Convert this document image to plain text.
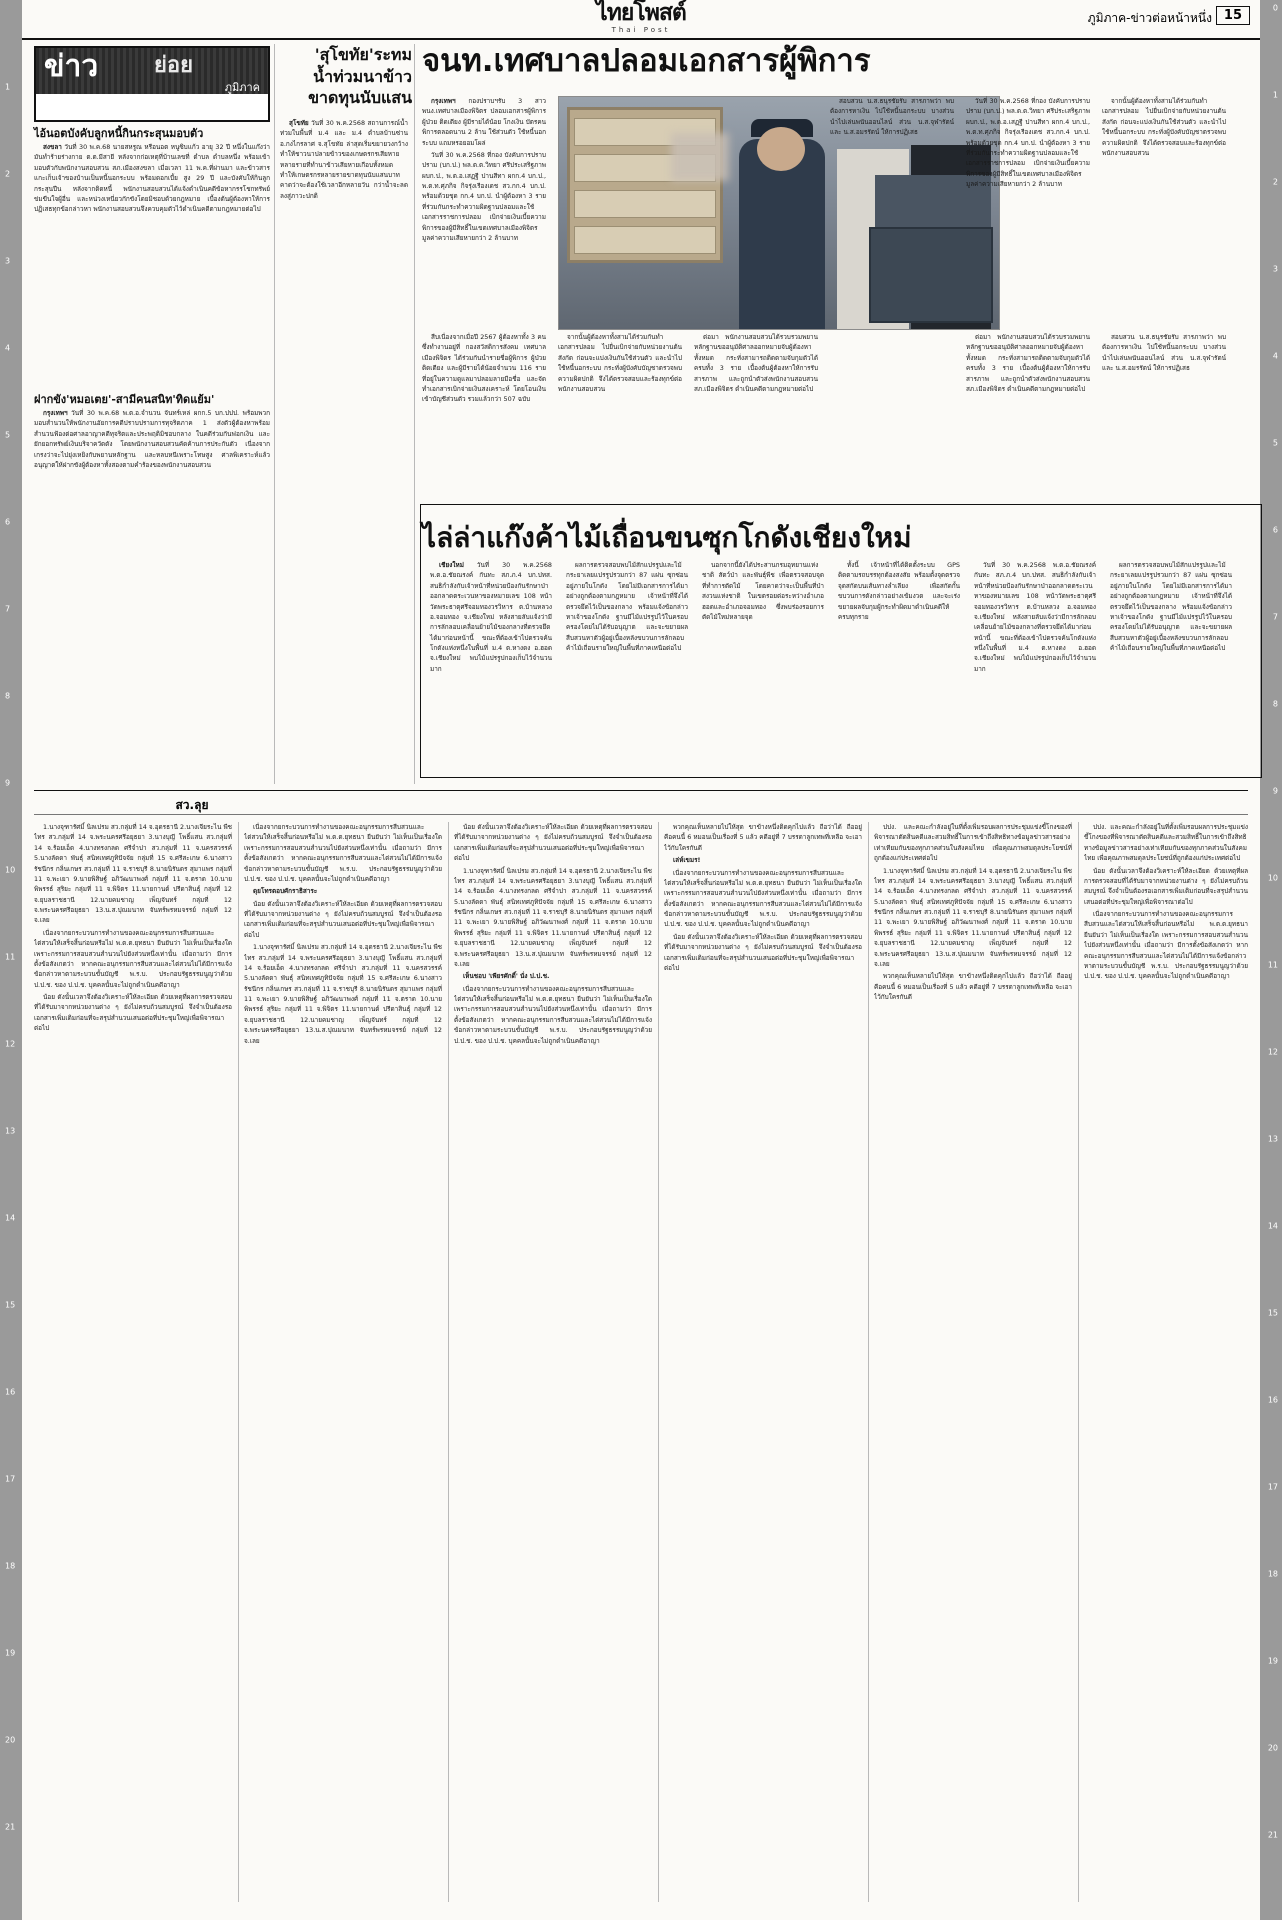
1
2
3
4
5
6
7
8
9
10
11
12
13
14
15
16
17
18
19
20
21
0
1
2
3
4
5
6
7
8
9
10
11
12
13
14
15
16
17
18
19
20
21
ไทยโพสต์
Thai Post
ภูมิภาค-ข่าวต่อหน้าหนึ่ง 15
ข่าว	ย่อย
ภูมิภาค
ไอ้นอตบังคับลูกหนี้กินกระสุนมอบตัว

สงขลา วันที่ 30 พ.ค.68 นายสหรูณ หรือนอต หนูซิบแก้ว อายุ 32 ปี หนึ่งในแก๊งว่ามันทำร้ายร่างกาย ต.ต.มีสายี หลังจากก่อเหตุที่บ้านเลขที่ ตำบล ตำบลหนึ่ง พร้อมเข้ามอบตัวกับพนักงานสอบสวน สภ.เมืองสงขลา เมื่อเวลา 11 พ.ค.ที่ผ่านมา และข้าวสารแกะเก็บเจ้าของบ้านเป็นหนี้นอกระบบ พร้อมดอกเบี้ย สูง 29 ปี และบังคับให้กินลูกกระสุนปืน หลังจากติดหนี้ พนักงานสอบสวนได้แจ้งดำเนินคดีข้อหากรรโชกทรัพย์ ข่มขืนใจผู้อื่น และหน่วงเหนี่ยวกักขังโดยมิชอบด้วยกฎหมาย เบื้องต้นผู้ต้องหาให้การปฏิเสธทุกข้อกล่าวหา พนักงานสอบสวนจึงควบคุมตัวไว้ดำเนินคดีตามกฎหมายต่อไป

ฝากขัง'หมอเตย'-สามีคนสนิท'ทิดแย้ม'

กรุงเทพฯ วันที่ 30 พ.ค.68 พ.ต.อ.จำนวน จันทร์เหล่ ผกก.5 บก.ปปป. พร้อมพวกมอบสำนวนให้พนักงานอัยการคดีปราบปรามการทุจริตภาค 1 ส่งตัวผู้ต้องหาพร้อมสำนวนฟ้องต่อศาลอาญาคดีทุจริตและประพฤติมิชอบกลาง ในคดีร่วมกันฟอกเงิน และยักยอกทรัพย์เงินบริจาควัดดัง โดยพนักงานสอบสวนคัดค้านการประกันตัว เนื่องจากเกรงว่าจะไปยุ่งเหยิงกับพยานหลักฐาน และหลบหนีเพราะโทษสูง ศาลพิเคราะห์แล้วอนุญาตให้ฝากขังผู้ต้องหาทั้งสองตามคำร้องของพนักงานสอบสวน

'สุโขทัย'ระทม น้ำท่วมนาข้าว ขาดทุนนับแสน

สุโขทัย วันที่ 30 พ.ค.2568 สถานการณ์น้ำท่วมในพื้นที่ ม.4 และ ม.4 ตำบลบ้านซ่าน อ.กงไกรลาศ จ.สุโขทัย ล่าสุดเริ่มขยายวงกว้าง ทำให้ชาวนาปลายข้าวของเกษตรกรเสียหาย หลายรายที่ทำนาข้าวเสียหายเกือบทั้งหมด ทำให้เกษตรกรหลายรายขาดทุนนับแสนบาท คาดว่าจะต้องใช้เวลาอีกหลายวัน กว่าน้ำจะลดลงสู่ภาวะปกติ

จนท.เทศบาลปลอมเอกสารผู้พิการ

กรุงเทพฯ กองปราบฯรับ 3 สาว พนง.เทศบาลเมืองพิจิตร ปลอมเอกสารผู้พิการ ผู้ป่วย ติดเตียง ผู้มีรายได้น้อย โกงเงิน บัตรคนพิการตลอดนาน 2 ล้าน ใช้ส่วนตัว ใช้หนี้นอกระบบ แถมหรอยอมโผล่

วันที่ 30 พ.ค.2568 ที่กอง บังคับการปราบปราม (บก.ป.) พล.ต.ต.วิทยา ศรีประเสริฐภาพ ผบก.ป., พ.ต.อ.เสฏฐี ปานสีทา ผกก.4 บก.ป., พ.ต.ท.ศุภกิจ กิจรุ่งเรืองเดช สว.กก.4 บก.ป. พร้อมด้วยชุด กก.4 บก.ป. นำผู้ต้องหา 3 ราย ที่ร่วมกันกระทำความผิดฐานปลอมและใช้เอกสารราชการปลอม เบิกจ่ายเงินเบี้ยความพิการของผู้มีสิทธิ์ในเขตเทศบาลเมืองพิจิตร มูลค่าความเสียหายกว่า 2 ล้านบาท

สืบเนื่องจากเมื่อปี 2567 ผู้ต้องหาทั้ง 3 คนซึ่งทำงานอยู่ที่ กองสวัสดิการสังคม เทศบาลเมืองพิจิตร ได้ร่วมกันนำรายชื่อผู้พิการ ผู้ป่วยติดเตียง และผู้มีรายได้น้อยจำนวน 116 ราย ที่อยู่ในความดูแลมาปลอมลายมือชื่อ และจัดทำเอกสารเบิกจ่ายเงินสงเคราะห์ โดยโอนเงินเข้าบัญชีส่วนตัว รวมแล้วกว่า 507 ฉบับ

จากนั้นผู้ต้องหาทั้งสามได้ร่วมกันทำเอกสารปลอม ไปยื่นเบิกจ่ายกับหน่วยงานต้นสังกัด ก่อนจะแบ่งเงินกันใช้ส่วนตัว และนำไปใช้หนี้นอกระบบ กระทั่งผู้บังคับบัญชาตรวจพบความผิดปกติ จึงได้ตรวจสอบและร้องทุกข์ต่อพนักงานสอบสวน

ต่อมา พนักงานสอบสวนได้รวบรวมพยานหลักฐานขออนุมัติศาลออกหมายจับผู้ต้องหาทั้งหมด กระทั่งสามารถติดตามจับกุมตัวได้ครบทั้ง 3 ราย เบื้องต้นผู้ต้องหาให้การรับสารภาพ และถูกนำตัวส่งพนักงานสอบสวน สภ.เมืองพิจิตร ดำเนินคดีตามกฎหมายต่อไป

สอบสวน น.ส.ธนุรชัยรับ สารภาพว่า พบต้องการหาเงิน ไปใช้หนี้นอกระบบ บางส่วนนำไปเล่นพนันออนไลน์ ส่วน น.ส.จุฬารัตน์และ น.ส.อมรรัตน์ ให้การปฏิเสธ

วันที่ 30 พ.ค.2568 ที่กอง บังคับการปราบปราม (บก.ป.) พล.ต.ต.วิทยา ศรีประเสริฐภาพ ผบก.ป., พ.ต.อ.เสฏฐี ปานสีทา ผกก.4 บก.ป., พ.ต.ท.ศุภกิจ กิจรุ่งเรืองเดช สว.กก.4 บก.ป. พร้อมด้วยชุด กก.4 บก.ป. นำผู้ต้องหา 3 ราย ที่ร่วมกันกระทำความผิดฐานปลอมและใช้เอกสารราชการปลอม เบิกจ่ายเงินเบี้ยความพิการของผู้มีสิทธิ์ในเขตเทศบาลเมืองพิจิตร มูลค่าความเสียหายกว่า 2 ล้านบาท

จากนั้นผู้ต้องหาทั้งสามได้ร่วมกันทำเอกสารปลอม ไปยื่นเบิกจ่ายกับหน่วยงานต้นสังกัด ก่อนจะแบ่งเงินกันใช้ส่วนตัว และนำไปใช้หนี้นอกระบบ กระทั่งผู้บังคับบัญชาตรวจพบความผิดปกติ จึงได้ตรวจสอบและร้องทุกข์ต่อพนักงานสอบสวน

ต่อมา พนักงานสอบสวนได้รวบรวมพยานหลักฐานขออนุมัติศาลออกหมายจับผู้ต้องหาทั้งหมด กระทั่งสามารถติดตามจับกุมตัวได้ครบทั้ง 3 ราย เบื้องต้นผู้ต้องหาให้การรับสารภาพ และถูกนำตัวส่งพนักงานสอบสวน สภ.เมืองพิจิตร ดำเนินคดีตามกฎหมายต่อไป

สอบสวน น.ส.ธนุรชัยรับ สารภาพว่า พบต้องการหาเงิน ไปใช้หนี้นอกระบบ บางส่วนนำไปเล่นพนันออนไลน์ ส่วน น.ส.จุฬารัตน์และ น.ส.อมรรัตน์ ให้การปฏิเสธ

ไล่ล่าแก๊งค้าไม้เถื่อนขนซุกโกดังเชียงใหม่

เชียงใหม่ วันที่ 30 พ.ค.2568 พ.ต.อ.ชัยณรงค์ กันทะ สภ.ภ.4 บก.ปทส. สนธิกำลังกับเจ้าหน้าที่หน่วยป้องกันรักษาป่าออกลาดตระเวนหาของหมายเลข 108 หน้าวัดพระธาตุศรีจอมทองวรวิหาร ต.บ้านหลวง อ.จอมทอง จ.เชียงใหม่ หลังสายลับแจ้งว่ามีการลักลอบเคลื่อนย้ายไม้ของกลางที่ตรวจยึดได้มาก่อนหน้านี้ ขณะที่ต้องเข้าไปตรวจค้นโกดังแห่งหนึ่งในพื้นที่ ม.4 ต.หางดง อ.ฮอด จ.เชียงใหม่ พบไม้แปรรูปกองเก็บไว้จำนวนมาก

ผลการตรวจสอบพบไม้สักแปรรูปและไม้กระยาเลยแปรรูปรวมกว่า 87 แผ่น ซุกซ่อนอยู่ภายในโกดัง โดยไม่มีเอกสารการได้มาอย่างถูกต้องตามกฎหมาย เจ้าหน้าที่จึงได้ตรวจยึดไว้เป็นของกลาง พร้อมแจ้งข้อกล่าวหาเจ้าของโกดัง ฐานมีไม้แปรรูปไว้ในครอบครองโดยไม่ได้รับอนุญาต และจะขยายผลสืบสวนหาตัวผู้อยู่เบื้องหลังขบวนการลักลอบค้าไม้เถื่อนรายใหญ่ในพื้นที่ภาคเหนือต่อไป

นอกจากนี้ยังได้ประสานกรมอุทยานแห่งชาติ สัตว์ป่า และพันธุ์พืช เพื่อตรวจสอบจุดที่ทำการตัดไม้ โดยคาดว่าจะเป็นพื้นที่ป่าสงวนแห่งชาติ ในเขตรอยต่อระหว่างอำเภอฮอดและอำเภอจอมทอง ซึ่งพบร่องรอยการตัดไม้ใหม่หลายจุด

ทั้งนี้ เจ้าหน้าที่ได้ติดตั้งระบบ GPS ติดตามรถบรรทุกต้องสงสัย พร้อมตั้งจุดตรวจจุดสกัดบนเส้นทางลำเลียง เพื่อสกัดกั้นขบวนการดังกล่าวอย่างเข้มงวด และจะเร่งขยายผลจับกุมผู้กระทำผิดมาดำเนินคดีให้ครบทุกราย

วันที่ 30 พ.ค.2568 พ.ต.อ.ชัยณรงค์ กันทะ สภ.ภ.4 บก.ปทส. สนธิกำลังกับเจ้าหน้าที่หน่วยป้องกันรักษาป่าออกลาดตระเวนหาของหมายเลข 108 หน้าวัดพระธาตุศรีจอมทองวรวิหาร ต.บ้านหลวง อ.จอมทอง จ.เชียงใหม่ หลังสายลับแจ้งว่ามีการลักลอบเคลื่อนย้ายไม้ของกลางที่ตรวจยึดได้มาก่อนหน้านี้ ขณะที่ต้องเข้าไปตรวจค้นโกดังแห่งหนึ่งในพื้นที่ ม.4 ต.หางดง อ.ฮอด จ.เชียงใหม่ พบไม้แปรรูปกองเก็บไว้จำนวนมาก

ผลการตรวจสอบพบไม้สักแปรรูปและไม้กระยาเลยแปรรูปรวมกว่า 87 แผ่น ซุกซ่อนอยู่ภายในโกดัง โดยไม่มีเอกสารการได้มาอย่างถูกต้องตามกฎหมาย เจ้าหน้าที่จึงได้ตรวจยึดไว้เป็นของกลาง พร้อมแจ้งข้อกล่าวหาเจ้าของโกดัง ฐานมีไม้แปรรูปไว้ในครอบครองโดยไม่ได้รับอนุญาต และจะขยายผลสืบสวนหาตัวผู้อยู่เบื้องหลังขบวนการลักลอบค้าไม้เถื่อนรายใหญ่ในพื้นที่ภาคเหนือต่อไป

สว.ลุย

1.นางจุฑารัศมิ์ นิลเปรม สว.กลุ่มที่ 14 จ.อุดรธานี 2.นางเจียระไน พืชไทร สว.กลุ่มที่ 14 จ.พระนครศรีอยุธยา 3.นางบุญี โพธิ์แสน สว.กลุ่มที่ 14 จ.ร้อยเอ็ด 4.นางทรงกลด ศรีจำปา สว.กลุ่มที่ 11 จ.นครสวรรค์ 5.นางลัดดา พันธุ์ สนิทเทศภูทิปัจจัย กลุ่มที่ 15 จ.ศรีสะเกษ 6.นางสาวรัชนีกร กลิ่นเกษร สว.กลุ่มที่ 11 จ.ราชบุรี 8.นายนิรันดร สุมาแพร กลุ่มที่ 11 จ.พะเยา 9.นายพิสิษฐ์ อภิวัฒนาพงศ์ กลุ่มที่ 11 จ.ตราด 10.นายพิพรรธ์ สุริยะ กลุ่มที่ 11 จ.พิจิตร 11.นายกานต์ ปรีดาสินธุ์ กลุ่มที่ 12 จ.ยุบลราชธานี 12.นายคมชาญ เพ็ญจันทร์ กลุ่มที่ 12 จ.พระนครศรีอยุธยา 13.น.ส.ปุณมนาท จันทร์พรหมจรรย์ กลุ่มที่ 12 จ.เลย

เนื่องจากยกระบวนการทำงานของคณะอนุกรรมการสืบสวนและไต่สวนให้เสร็จสิ้นก่อนหรือไม่ พ.ต.ต.ยุทธนา ยืนยันว่า ไม่เห็นเป็นเรื่องใด เพราะกรรมการสอบสวนสำนวนไปยังส่วนหนึ่งเท่านั้น เมื่อถามว่า มีการตั้งข้อสังเกตว่า หากคณะอนุกรรมการสืบสวนและไต่สวนไม่ได้มีการแจ้งข้อกล่าวหาตามระบวนขั้นบัญชี พ.ร.บ. ประกอบรัฐธรรมนูญว่าด้วย ป.ป.ช. ของ ป.ป.ช. บุคคลนั้นจะไม่ถูกดำเนินคดีอาญา

น้อย ดังนั้นเวลาจึงต้องวิเคราะห์ให้ละเอียด ด้วยเหตุที่ผลการตรวจสอบที่ได้รับมาจากหน่วยงานต่าง ๆ ยังไม่ครบถ้วนสมบูรณ์ จึงจำเป็นต้องรอเอกสารเพิ่มเติมก่อนที่จะสรุปสำนวนเสนอต่อที่ประชุมใหญ่เพื่อพิจารณาต่อไป

เนื่องจากยกระบวนการทำงานของคณะอนุกรรมการสืบสวนและไต่สวนให้เสร็จสิ้นก่อนหรือไม่ พ.ต.ต.ยุทธนา ยืนยันว่า ไม่เห็นเป็นเรื่องใด เพราะกรรมการสอบสวนสำนวนไปยังส่วนหนึ่งเท่านั้น เมื่อถามว่า มีการตั้งข้อสังเกตว่า หากคณะอนุกรรมการสืบสวนและไต่สวนไม่ได้มีการแจ้งข้อกล่าวหาตามระบวนขั้นบัญชี พ.ร.บ. ประกอบรัฐธรรมนูญว่าด้วย ป.ป.ช. ของ ป.ป.ช. บุคคลนั้นจะไม่ถูกดำเนินคดีอาญา

ดุยโทรตอบศักราธิสาระ

น้อย ดังนั้นเวลาจึงต้องวิเคราะห์ให้ละเอียด ด้วยเหตุที่ผลการตรวจสอบที่ได้รับมาจากหน่วยงานต่าง ๆ ยังไม่ครบถ้วนสมบูรณ์ จึงจำเป็นต้องรอเอกสารเพิ่มเติมก่อนที่จะสรุปสำนวนเสนอต่อที่ประชุมใหญ่เพื่อพิจารณาต่อไป

1.นางจุฑารัศมิ์ นิลเปรม สว.กลุ่มที่ 14 จ.อุดรธานี 2.นางเจียระไน พืชไทร สว.กลุ่มที่ 14 จ.พระนครศรีอยุธยา 3.นางบุญี โพธิ์แสน สว.กลุ่มที่ 14 จ.ร้อยเอ็ด 4.นางทรงกลด ศรีจำปา สว.กลุ่มที่ 11 จ.นครสวรรค์ 5.นางลัดดา พันธุ์ สนิทเทศภูทิปัจจัย กลุ่มที่ 15 จ.ศรีสะเกษ 6.นางสาวรัชนีกร กลิ่นเกษร สว.กลุ่มที่ 11 จ.ราชบุรี 8.นายนิรันดร สุมาแพร กลุ่มที่ 11 จ.พะเยา 9.นายพิสิษฐ์ อภิวัฒนาพงศ์ กลุ่มที่ 11 จ.ตราด 10.นายพิพรรธ์ สุริยะ กลุ่มที่ 11 จ.พิจิตร 11.นายกานต์ ปรีดาสินธุ์ กลุ่มที่ 12 จ.ยุบลราชธานี 12.นายคมชาญ เพ็ญจันทร์ กลุ่มที่ 12 จ.พระนครศรีอยุธยา 13.น.ส.ปุณมนาท จันทร์พรหมจรรย์ กลุ่มที่ 12 จ.เลย

น้อย ดังนั้นเวลาจึงต้องวิเคราะห์ให้ละเอียด ด้วยเหตุที่ผลการตรวจสอบที่ได้รับมาจากหน่วยงานต่าง ๆ ยังไม่ครบถ้วนสมบูรณ์ จึงจำเป็นต้องรอเอกสารเพิ่มเติมก่อนที่จะสรุปสำนวนเสนอต่อที่ประชุมใหญ่เพื่อพิจารณาต่อไป

1.นางจุฑารัศมิ์ นิลเปรม สว.กลุ่มที่ 14 จ.อุดรธานี 2.นางเจียระไน พืชไทร สว.กลุ่มที่ 14 จ.พระนครศรีอยุธยา 3.นางบุญี โพธิ์แสน สว.กลุ่มที่ 14 จ.ร้อยเอ็ด 4.นางทรงกลด ศรีจำปา สว.กลุ่มที่ 11 จ.นครสวรรค์ 5.นางลัดดา พันธุ์ สนิทเทศภูทิปัจจัย กลุ่มที่ 15 จ.ศรีสะเกษ 6.นางสาวรัชนีกร กลิ่นเกษร สว.กลุ่มที่ 11 จ.ราชบุรี 8.นายนิรันดร สุมาแพร กลุ่มที่ 11 จ.พะเยา 9.นายพิสิษฐ์ อภิวัฒนาพงศ์ กลุ่มที่ 11 จ.ตราด 10.นายพิพรรธ์ สุริยะ กลุ่มที่ 11 จ.พิจิตร 11.นายกานต์ ปรีดาสินธุ์ กลุ่มที่ 12 จ.ยุบลราชธานี 12.นายคมชาญ เพ็ญจันทร์ กลุ่มที่ 12 จ.พระนครศรีอยุธยา 13.น.ส.ปุณมนาท จันทร์พรหมจรรย์ กลุ่มที่ 12 จ.เลย

เห็นชอบ 'เพียรศักดิ์' นั่ง ป.ป.ช.

เนื่องจากยกระบวนการทำงานของคณะอนุกรรมการสืบสวนและไต่สวนให้เสร็จสิ้นก่อนหรือไม่ พ.ต.ต.ยุทธนา ยืนยันว่า ไม่เห็นเป็นเรื่องใด เพราะกรรมการสอบสวนสำนวนไปยังส่วนหนึ่งเท่านั้น เมื่อถามว่า มีการตั้งข้อสังเกตว่า หากคณะอนุกรรมการสืบสวนและไต่สวนไม่ได้มีการแจ้งข้อกล่าวหาตามระบวนขั้นบัญชี พ.ร.บ. ประกอบรัฐธรรมนูญว่าด้วย ป.ป.ช. ของ ป.ป.ช. บุคคลนั้นจะไม่ถูกดำเนินคดีอาญา

พวกคุณเห็นหลายไปให้สุด ขาข้างหนึ่งติดคุกไปแล้ว ถือว่าได้ ถืออยู่ คือคนนี้ 6 หมอนเป็นเรื่องที่ 5 แล้ว คดีอยู่ที่ 7 บรรดาลูกเทพที่เหลือ จะเอาไว้กับใครกันดี

เล่ห์เขมร!

เนื่องจากยกระบวนการทำงานของคณะอนุกรรมการสืบสวนและไต่สวนให้เสร็จสิ้นก่อนหรือไม่ พ.ต.ต.ยุทธนา ยืนยันว่า ไม่เห็นเป็นเรื่องใด เพราะกรรมการสอบสวนสำนวนไปยังส่วนหนึ่งเท่านั้น เมื่อถามว่า มีการตั้งข้อสังเกตว่า หากคณะอนุกรรมการสืบสวนและไต่สวนไม่ได้มีการแจ้งข้อกล่าวหาตามระบวนขั้นบัญชี พ.ร.บ. ประกอบรัฐธรรมนูญว่าด้วย ป.ป.ช. ของ ป.ป.ช. บุคคลนั้นจะไม่ถูกดำเนินคดีอาญา

น้อย ดังนั้นเวลาจึงต้องวิเคราะห์ให้ละเอียด ด้วยเหตุที่ผลการตรวจสอบที่ได้รับมาจากหน่วยงานต่าง ๆ ยังไม่ครบถ้วนสมบูรณ์ จึงจำเป็นต้องรอเอกสารเพิ่มเติมก่อนที่จะสรุปสำนวนเสนอต่อที่ประชุมใหญ่เพื่อพิจารณาต่อไป

ปปง. และคณะกำลังอยู่ในที่ตั้งเพิ่มรอบผลการประชุมแข่งขี้โกงของที่พิจารณาตัดสินคดีและสวมสิทธิ์ในการเข้าถึงสิทธิทางข้อมูลข่าวสารอย่างเท่าเทียมกันของทุกภาคส่วนในสังคมไทย เพื่อคุณภาพสมดุลประโยชน์ที่ถูกต้องแก่ประเทศต่อไป

1.นางจุฑารัศมิ์ นิลเปรม สว.กลุ่มที่ 14 จ.อุดรธานี 2.นางเจียระไน พืชไทร สว.กลุ่มที่ 14 จ.พระนครศรีอยุธยา 3.นางบุญี โพธิ์แสน สว.กลุ่มที่ 14 จ.ร้อยเอ็ด 4.นางทรงกลด ศรีจำปา สว.กลุ่มที่ 11 จ.นครสวรรค์ 5.นางลัดดา พันธุ์ สนิทเทศภูทิปัจจัย กลุ่มที่ 15 จ.ศรีสะเกษ 6.นางสาวรัชนีกร กลิ่นเกษร สว.กลุ่มที่ 11 จ.ราชบุรี 8.นายนิรันดร สุมาแพร กลุ่มที่ 11 จ.พะเยา 9.นายพิสิษฐ์ อภิวัฒนาพงศ์ กลุ่มที่ 11 จ.ตราด 10.นายพิพรรธ์ สุริยะ กลุ่มที่ 11 จ.พิจิตร 11.นายกานต์ ปรีดาสินธุ์ กลุ่มที่ 12 จ.ยุบลราชธานี 12.นายคมชาญ เพ็ญจันทร์ กลุ่มที่ 12 จ.พระนครศรีอยุธยา 13.น.ส.ปุณมนาท จันทร์พรหมจรรย์ กลุ่มที่ 12 จ.เลย

พวกคุณเห็นหลายไปให้สุด ขาข้างหนึ่งติดคุกไปแล้ว ถือว่าได้ ถืออยู่ คือคนนี้ 6 หมอนเป็นเรื่องที่ 5 แล้ว คดีอยู่ที่ 7 บรรดาลูกเทพที่เหลือ จะเอาไว้กับใครกันดี

ปปง. และคณะกำลังอยู่ในที่ตั้งเพิ่มรอบผลการประชุมแข่งขี้โกงของที่พิจารณาตัดสินคดีและสวมสิทธิ์ในการเข้าถึงสิทธิทางข้อมูลข่าวสารอย่างเท่าเทียมกันของทุกภาคส่วนในสังคมไทย เพื่อคุณภาพสมดุลประโยชน์ที่ถูกต้องแก่ประเทศต่อไป

น้อย ดังนั้นเวลาจึงต้องวิเคราะห์ให้ละเอียด ด้วยเหตุที่ผลการตรวจสอบที่ได้รับมาจากหน่วยงานต่าง ๆ ยังไม่ครบถ้วนสมบูรณ์ จึงจำเป็นต้องรอเอกสารเพิ่มเติมก่อนที่จะสรุปสำนวนเสนอต่อที่ประชุมใหญ่เพื่อพิจารณาต่อไป

เนื่องจากยกระบวนการทำงานของคณะอนุกรรมการสืบสวนและไต่สวนให้เสร็จสิ้นก่อนหรือไม่ พ.ต.ต.ยุทธนา ยืนยันว่า ไม่เห็นเป็นเรื่องใด เพราะกรรมการสอบสวนสำนวนไปยังส่วนหนึ่งเท่านั้น เมื่อถามว่า มีการตั้งข้อสังเกตว่า หากคณะอนุกรรมการสืบสวนและไต่สวนไม่ได้มีการแจ้งข้อกล่าวหาตามระบวนขั้นบัญชี พ.ร.บ. ประกอบรัฐธรรมนูญว่าด้วย ป.ป.ช. ของ ป.ป.ช. บุคคลนั้นจะไม่ถูกดำเนินคดีอาญา
